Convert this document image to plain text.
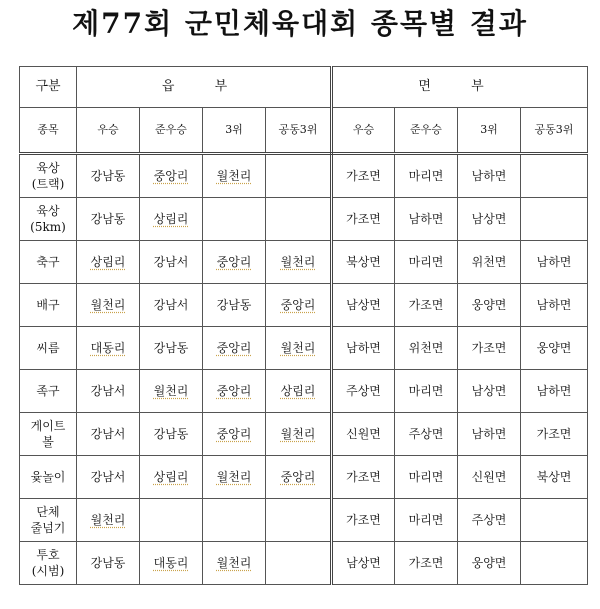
제77회 군민체육대회 종목별 결과
구분	읍 부				면 부			
종목	우승	준우승	3위	공동3위	우승	준우승	3위	공동3위
육상
(트랙)	강남동	중앙리	월천리		가조면	마리면	남하면	
육상
(5km)	강남동	상림리			가조면	남하면	남상면	
축구	상림리	강남서	중앙리	월천리	북상면	마리면	위천면	남하면
배구	월천리	강남서	강남동	중앙리	남상면	가조면	웅양면	남하면
씨름	대동리	강남동	중앙리	월천리	남하면	위천면	가조면	웅양면
족구	강남서	월천리	중앙리	상림리	주상면	마리면	남상면	남하면
게이트
볼	강남서	강남동	중앙리	월천리	신원면	주상면	남하면	가조면
윷놀이	강남서	상림리	월천리	중앙리	가조면	마리면	신원면	북상면
단체
줄넘기	월천리				가조면	마리면	주상면	
투호
(시범)	강남동	대동리	월천리		남상면	가조면	웅양면	
